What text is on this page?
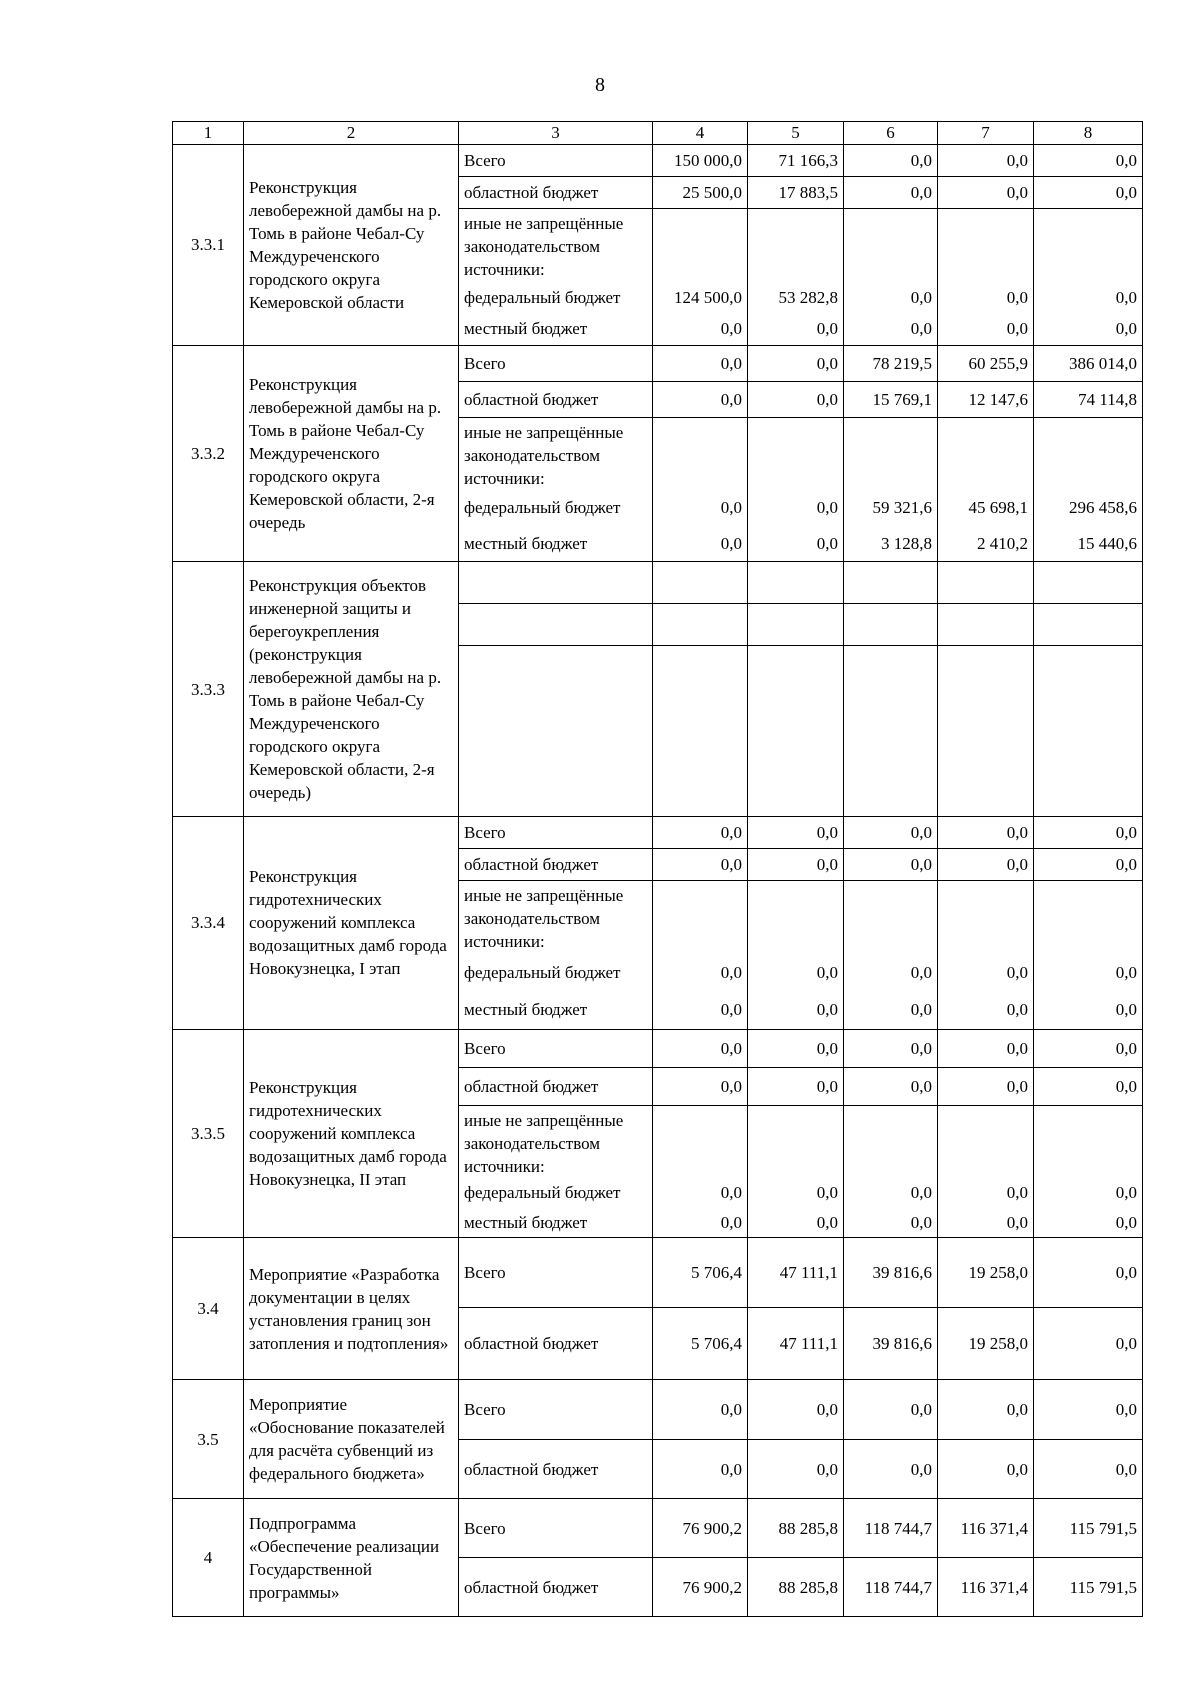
8
1	2	3	4	5	6	7	8
3.3.1	Реконструкция левобережной дамбы на р. Томь в районе Чебал-Су Междуреченского городского округа Кемеровской области	Всего	150 000,0	71 166,3	0,0	0,0	0,0
		областной бюджет	25 500,0	17 883,5	0,0	0,0	0,0
		иные не запрещённые законодательством источники:					
		федеральный бюджет	124 500,0	53 282,8	0,0	0,0	0,0
		местный бюджет	0,0	0,0	0,0	0,0	0,0

3.3.2	Реконструкция левобережной дамбы на р. Томь в районе Чебал-Су Междуреченского городского округа Кемеровской области, 2-я очередь	Всего	0,0	0,0	78 219,5	60 255,9	386 014,0
		областной бюджет	0,0	0,0	15 769,1	12 147,6	74 114,8
		иные не запрещённые законодательством источники:					
		федеральный бюджет	0,0	0,0	59 321,6	45 698,1	296 458,6
		местный бюджет	0,0	0,0	3 128,8	2 410,2	15 440,6

3.3.3	Реконструкция объектов инженерной защиты и берегоукрепления (реконструкция левобережной дамбы на р. Томь в районе Чебал-Су Междуреченского городского округа Кемеровской области, 2-я очередь)						

3.3.4	Реконструкция гидротехнических сооружений комплекса водозащитных дамб города Новокузнецка, I этап	Всего	0,0	0,0	0,0	0,0	0,0
		областной бюджет	0,0	0,0	0,0	0,0	0,0
		иные не запрещённые законодательством источники:					
		федеральный бюджет	0,0	0,0	0,0	0,0	0,0
		местный бюджет	0,0	0,0	0,0	0,0	0,0

3.3.5	Реконструкция гидротехнических сооружений комплекса водозащитных дамб города Новокузнецка, II этап	Всего	0,0	0,0	0,0	0,0	0,0
		областной бюджет	0,0	0,0	0,0	0,0	0,0
		иные не запрещённые законодательством источники:					
		федеральный бюджет	0,0	0,0	0,0	0,0	0,0
		местный бюджет	0,0	0,0	0,0	0,0	0,0

3.4	Мероприятие «Разработка документации в целях установления границ зон затопления и подтопления»	Всего	5 706,4	47 111,1	39 816,6	19 258,0	0,0
		областной бюджет	5 706,4	47 111,1	39 816,6	19 258,0	0,0
3.5	Мероприятие «Обоснование показателей для расчёта субвенций из федерального бюджета»	Всего	0,0	0,0	0,0	0,0	0,0
		областной бюджет	0,0	0,0	0,0	0,0	0,0
4	Подпрограмма «Обеспечение реализации Государственной программы»	Всего	76 900,2	88 285,8	118 744,7	116 371,4	115 791,5
		областной бюджет	76 900,2	88 285,8	118 744,7	116 371,4	115 791,5
